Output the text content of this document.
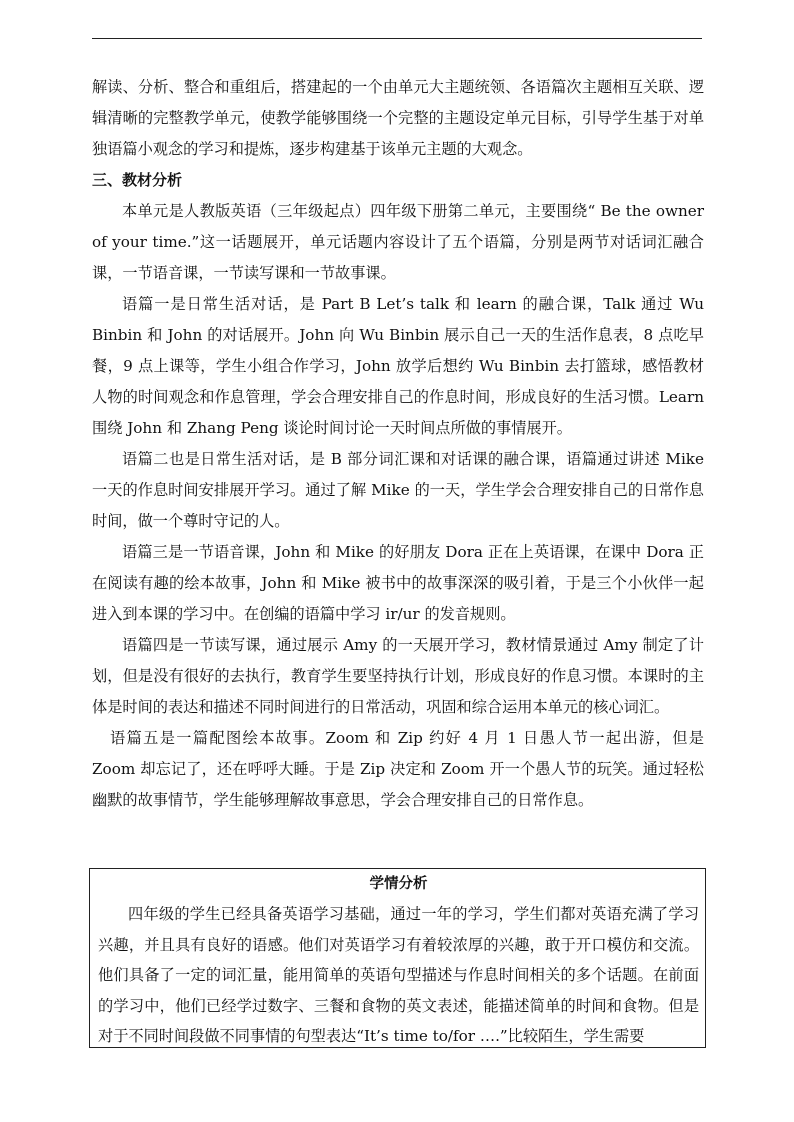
解读、分析、整合和重组后，搭建起的一个由单元大主题统领、各语篇次主题相互关联、逻辑清晰的完整教学单元，使教学能够围绕一个完整的主题设定单元目标，引导学生基于对单独语篇小观念的学习和提炼，逐步构建基于该单元主题的大观念。

三、教材分析

本单元是人教版英语（三年级起点）四年级下册第二单元，主要围绕“ Be the owner of your time.”这一话题展开，单元话题内容设计了五个语篇，分别是两节对话词汇融合课，一节语音课，一节读写课和一节故事课。

语篇一是日常生活对话，是 Part B Let’s talk 和 learn 的融合课，Talk 通过 Wu Binbin 和 John 的对话展开。John 向 Wu Binbin 展示自己一天的生活作息表，8 点吃早餐，9 点上课等，学生小组合作学习，John 放学后想约 Wu Binbin 去打篮球，感悟教材人物的时间观念和作息管理，学会合理安排自己的作息时间，形成良好的生活习惯。Learn 围绕 John 和 Zhang Peng 谈论时间讨论一天时间点所做的事情展开。

语篇二也是日常生活对话，是 B 部分词汇课和对话课的融合课，语篇通过讲述 Mike 一天的作息时间安排展开学习。通过了解 Mike 的一天，学生学会合理安排自己的日常作息时间，做一个尊时守记的人。

语篇三是一节语音课，John 和 Mike 的好朋友 Dora 正在上英语课，在课中 Dora 正在阅读有趣的绘本故事，John 和 Mike 被书中的故事深深的吸引着，于是三个小伙伴一起进入到本课的学习中。在创编的语篇中学习 ir/ur 的发音规则。

语篇四是一节读写课，通过展示 Amy 的一天展开学习，教材情景通过 Amy 制定了计划，但是没有很好的去执行，教育学生要坚持执行计划，形成良好的作息习惯。本课时的主体是时间的表达和描述不同时间进行的日常活动，巩固和综合运用本单元的核心词汇。

语篇五是一篇配图绘本故事。Zoom 和 Zip 约好 4 月 1 日愚人节一起出游，但是 Zoom 却忘记了，还在呼呼大睡。于是 Zip 决定和 Zoom 开一个愚人节的玩笑。通过轻松幽默的故事情节，学生能够理解故事意思，学会合理安排自己的日常作息。

学情分析

四年级的学生已经具备英语学习基础，通过一年的学习，学生们都对英语充满了学习兴趣，并且具有良好的语感。他们对英语学习有着较浓厚的兴趣，敢于开口模仿和交流。他们具备了一定的词汇量，能用简单的英语句型描述与作息时间相关的多个话题。在前面的学习中，他们已经学过数字、三餐和食物的英文表述，能描述简单的时间和食物。但是对于不同时间段做不同事情的句型表达“It’s time to/for ….”比较陌生，学生需要
